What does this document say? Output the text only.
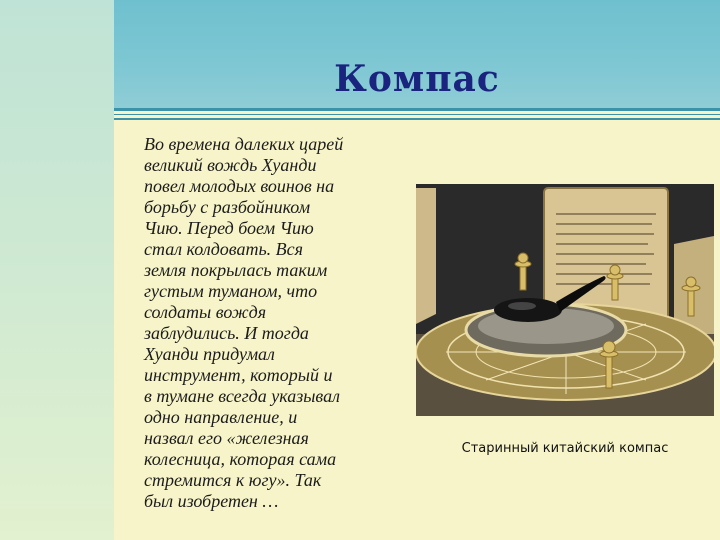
Компас

Во времена далеких царей
великий вождь Хуанди
повел молодых воинов на
борьбу с разбойником
Чию. Перед боем Чию
стал колдовать. Вся
земля покрылась таким
густым туманом, что
солдаты вождя
заблудились. И тогда
Хуанди придумал
инструмент, который и
в тумане всегда указывал
одно направление, и
назвал его «железная
колесница, которая сама
стремится к югу». Так
был изобретен …

Старинный китайский компас
